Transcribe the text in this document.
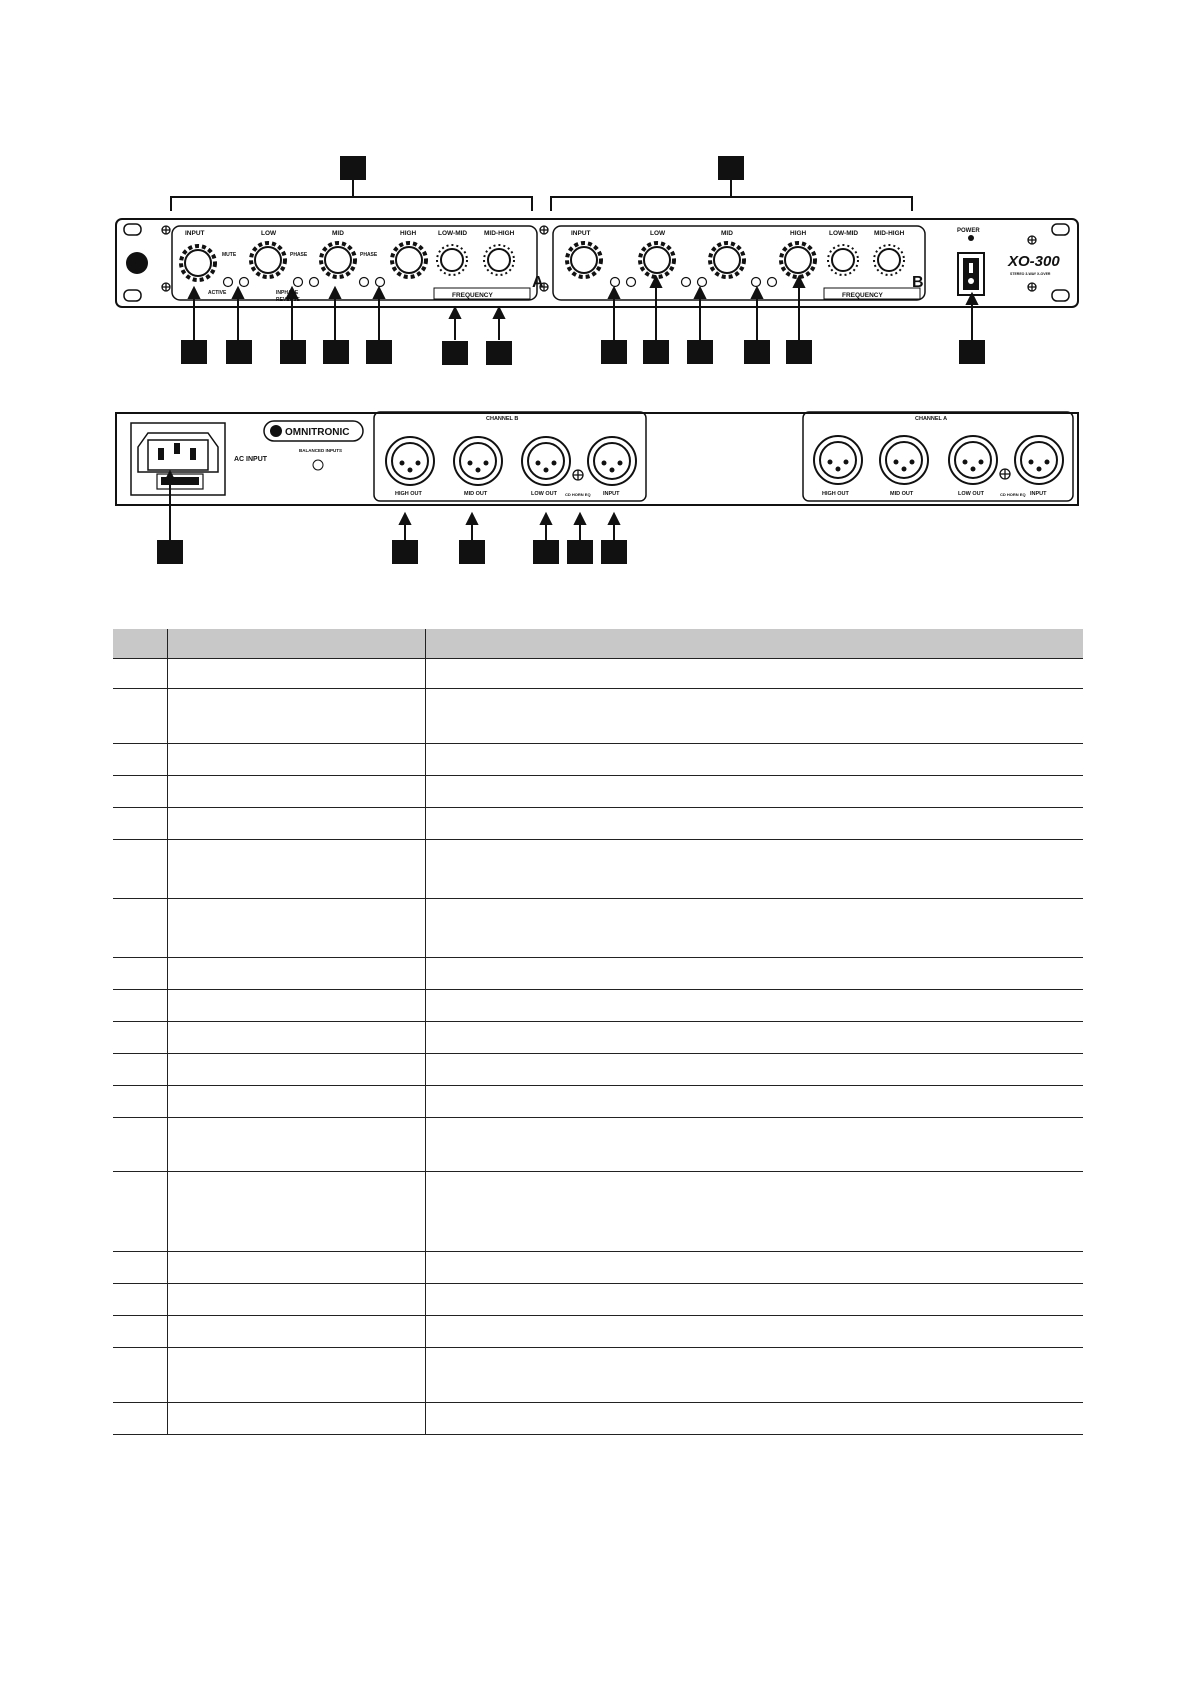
INPUT	LOW	MID	HIGH	LOW-MID	MID-HIGH
MUTE	PHASE	PHASE
INPHASE
REVERSE
ACTIVE	FREQUENCY
A
INPUT	LOW	MID	HIGH	LOW-MID MID-HIGH
FREQUENCY
B
POWER
XO-300
STEREO 3-WAY X-OVER
AC INPUT
OMNITRONIC
BALANCED INPUTS
CHANNEL B
HIGH OUT	MID OUT	LOW OUT CD HORN EQ INPUT
CHANNEL A
HIGH OUT	MID OUT	LOW OUT	CD HORN EQ INPUT
